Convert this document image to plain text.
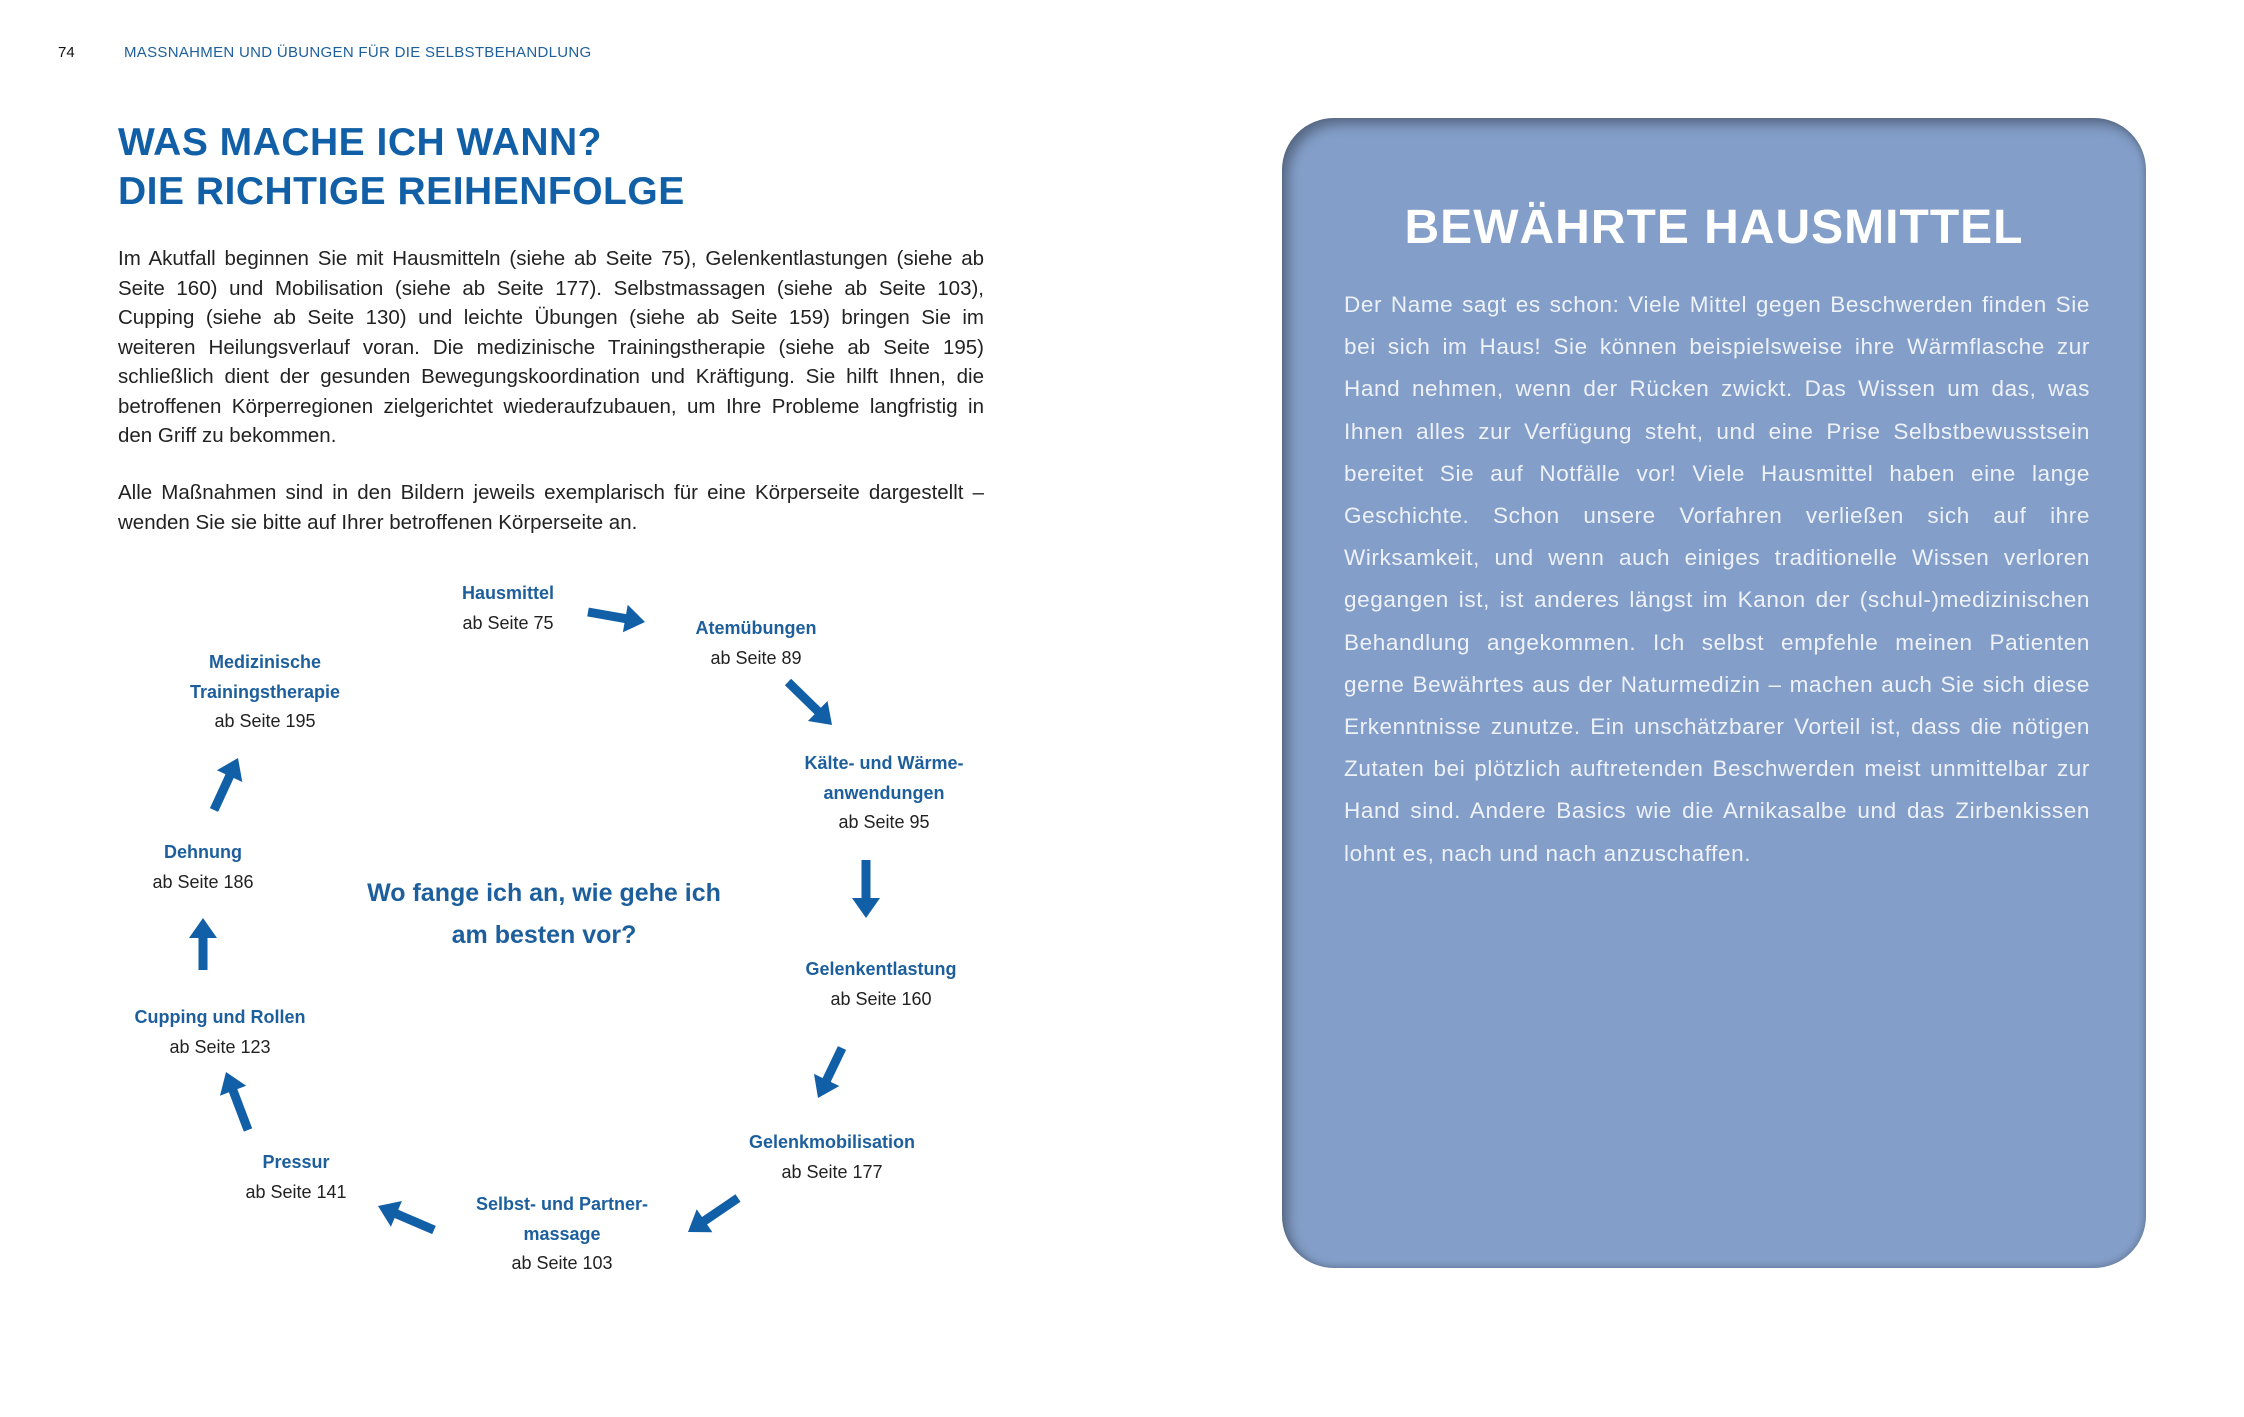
74	MASSNAHMEN UND ÜBUNGEN FÜR DIE SELBSTBEHANDLUNG
WAS MACHE ICH WANN?
DIE RICHTIGE REIHENFOLGE
Im Akutfall beginnen Sie mit Hausmitteln (siehe ab Seite 75), Gelenkentlastungen (siehe ab Seite 160) und Mobilisation (siehe ab Seite 177). Selbstmassagen (siehe ab Seite 103), Cupping (siehe ab Seite 130) und leichte Übungen (siehe ab Seite 159) bringen Sie im weiteren Heilungsverlauf voran. Die medizinische Trainingstherapie (siehe ab Seite 195) schließlich dient der gesunden Bewegungskoordination und Kräftigung. Sie hilft Ihnen, die betroffenen Körperregionen zielgerichtet wiederaufzubauen, um Ihre Probleme langfristig in den Griff zu bekommen.
Alle Maßnahmen sind in den Bildern jeweils exemplarisch für eine Körperseite dargestellt – wenden Sie sie bitte auf Ihrer betroffenen Körperseite an.
Hausmittel
ab Seite 75	Atemübungen
ab Seite 89
Kälte- und Wärme-
anwendungen
ab Seite 95
Gelenkentlastung
ab Seite 160
Gelenkmobilisation
ab Seite 177
Selbst- und Partner-
massage
ab Seite 103
Pressur
ab Seite 141
Cupping und Rollen
ab Seite 123
Dehnung
ab Seite 186
Medizinische
Trainingstherapie
ab Seite 195
Wo fange ich an, wie gehe ich
am besten vor?
BEWÄHRTE HAUSMITTEL
Der Name sagt es schon: Viele Mittel gegen Beschwerden finden Sie bei sich im Haus! Sie können beispielsweise ihre Wärmflasche zur Hand nehmen, wenn der Rücken zwickt. Das Wissen um das, was Ihnen alles zur Verfügung steht, und eine Prise Selbstbewusstsein bereitet Sie auf Notfälle vor! Viele Hausmittel haben eine lange Geschichte. Schon unsere Vorfahren verließen sich auf ihre Wirksamkeit, und wenn auch einiges traditionelle Wissen verloren gegangen ist, ist anderes längst im Kanon der (schul-)medizinischen Behandlung angekommen. Ich selbst empfehle meinen Patienten gerne Bewährtes aus der Naturmedizin – machen auch Sie sich diese Erkenntnisse zunutze. Ein unschätzbarer Vorteil ist, dass die nötigen Zutaten bei plötzlich auftretenden Beschwerden meist unmittelbar zur Hand sind. Andere Basics wie die Arnikasalbe und das Zirbenkissen lohnt es, nach und nach anzuschaffen.
